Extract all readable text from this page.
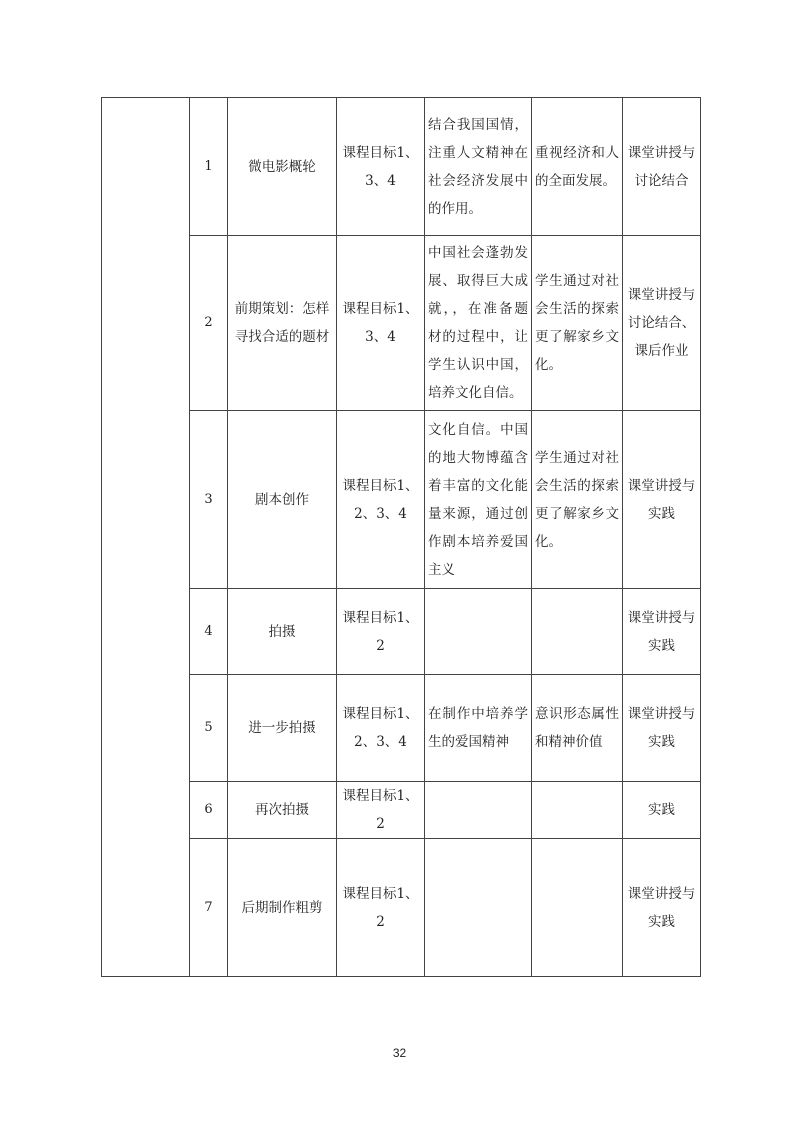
	1	微电影概轮	课程目标1、3、4	结合我国国情，注重人文精神在社会经济发展中的作用。	重视经济和人的全面发展。	课堂讲授与讨论结合
	2	前期策划：怎样寻找合适的题材	课程目标1、3、4	中国社会蓬勃发展、取得巨大成就，，在准备题材的过程中，让学生认识中国，培养文化自信。	学生通过对社会生活的探索更了解家乡文化。	课堂讲授与讨论结合、课后作业
	3	剧本创作	课程目标1、2、3、4	文化自信。中国的地大物博蕴含着丰富的文化能量来源，通过创作剧本培养爱国主义	学生通过对社会生活的探索更了解家乡文化。	课堂讲授与实践
	4	拍摄	课程目标1、2			课堂讲授与实践
	5	进一步拍摄	课程目标1、2、3、4	在制作中培养学生的爱国精神	意识形态属性和精神价值	课堂讲授与实践
	6	再次拍摄	课程目标1、2			实践
	7	后期制作粗剪	课程目标1、2			课堂讲授与实践
32
